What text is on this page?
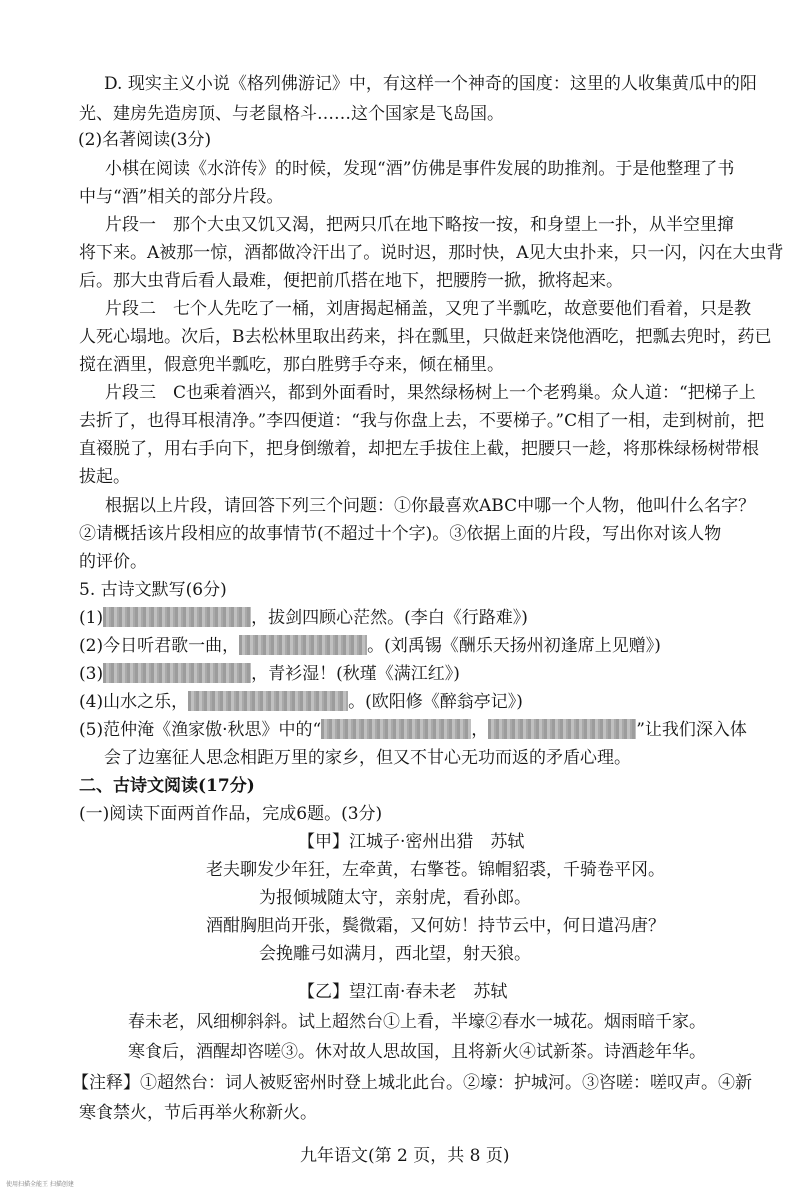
D. 现实主义小说《格列佛游记》中，有这样一个神奇的国度：这里的人收集黄瓜中的阳
光、建房先造房顶、与老鼠格斗……这个国家是飞岛国。
(2)名著阅读(3分)
小棋在阅读《水浒传》的时候，发现“酒”仿佛是事件发展的助推剂。于是他整理了书
中与“酒”相关的部分片段。
片段一　那个大虫又饥又渴，把两只爪在地下略按一按，和身望上一扑，从半空里撺
将下来。A被那一惊，酒都做冷汗出了。说时迟，那时快，A见大虫扑来，只一闪，闪在大虫背
后。那大虫背后看人最难，便把前爪搭在地下，把腰胯一掀，掀将起来。
片段二　七个人先吃了一桶，刘唐揭起桶盖，又兜了半瓢吃，故意要他们看着，只是教
人死心塌地。次后，B去松林里取出药来，抖在瓢里，只做赶来饶他酒吃，把瓢去兜时，药已
搅在酒里，假意兜半瓢吃，那白胜劈手夺来，倾在桶里。
片段三　C也乘着酒兴，都到外面看时，果然绿杨树上一个老鸦巢。众人道：“把梯子上
去折了，也得耳根清净。”李四便道：“我与你盘上去，不要梯子。”C相了一相，走到树前，把
直裰脱了，用右手向下，把身倒缴着，却把左手拔住上截，把腰只一趁，将那株绿杨树带根
拔起。
根据以上片段，请回答下列三个问题：①你最喜欢ABC中哪一个人物，他叫什么名字？
②请概括该片段相应的故事情节(不超过十个字)。③依据上面的片段，写出你对该人物
的评价。
5. 古诗文默写(6分)
(1)	，拔剑四顾心茫然。(李白《行路难》)
(2)今日听君歌一曲，	。(刘禹锡《酬乐天扬州初逢席上见赠》)
(3)	，青衫湿！(秋瑾《满江红》)
(4)山水之乐，	。(欧阳修《醉翁亭记》)
(5)范仲淹《渔家傲·秋思》中的“	，	”让我们深入体
会了边塞征人思念相距万里的家乡，但又不甘心无功而返的矛盾心理。
二、古诗文阅读(17分)
(一)阅读下面两首作品，完成6题。(3分)
【甲】江城子·密州出猎　苏轼
老夫聊发少年狂，左牵黄，右擎苍。锦帽貂裘，千骑卷平冈。
为报倾城随太守，亲射虎，看孙郎。
酒酣胸胆尚开张，鬓微霜，又何妨！持节云中，何日遣冯唐？
会挽雕弓如满月，西北望，射天狼。
【乙】望江南·春未老　苏轼
春未老，风细柳斜斜。试上超然台①上看，半壕②春水一城花。烟雨暗千家。
寒食后，酒醒却咨嗟③。休对故人思故国，且将新火④试新茶。诗酒趁年华。
【注释】①超然台：词人被贬密州时登上城北此台。②壕：护城河。③咨嗟：嗟叹声。④新
寒食禁火，节后再举火称新火。
九年语文(第 2 页，共 8 页)
使用扫描全能王 扫描创建
